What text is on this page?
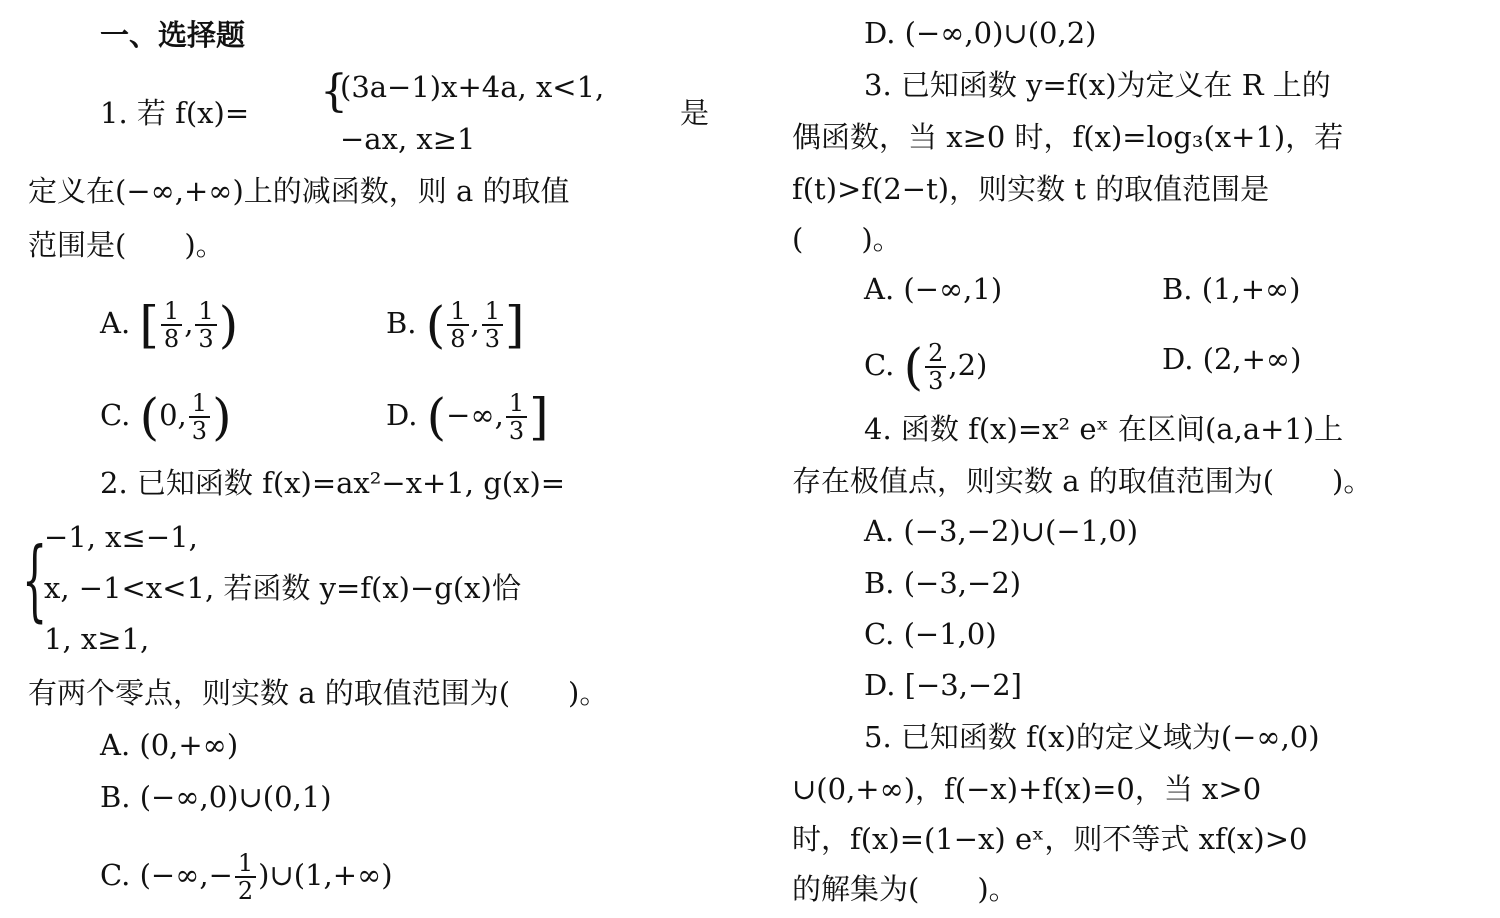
一、选择题
1. 若 f(x)= {
(3a−1)x+4a, x<1,
−ax, x≥1
是
定义在(−∞,+∞)上的减函数，则 a 的取值
范围是(　　)。
A. [ $\frac{1}{8}$ , $\frac{1}{3}$ )	B. ( $\frac{1}{8}$ , $\frac{1}{3}$ ]
C. (0, $\frac{1}{3}$ )	D. (−∞, $\frac{1}{3}$ ]
2. 已知函数 f(x)=ax²−x+1, g(x)=
{
−1, x≤−1,
x, −1<x<1, 若函数 y=f(x)−g(x)恰
1, x≥1,
有两个零点，则实数 a 的取值范围为(　　)。
A. (0,+∞)
B. (−∞,0)∪(0,1)
C. (−∞,− $\frac{1}{2}$ )∪(1,+∞)
D. (−∞,0)∪(0,2)
3. 已知函数 y=f(x)为定义在 R 上的
偶函数，当 x≥0 时，f(x)=log₃(x+1)，若
f(t)>f(2−t)，则实数 t 的取值范围是
(　　)。
A. (−∞,1)	B. (1,+∞)
C. ( $\frac{2}{3} ,2$)	D. (2,+∞)
4. 函数 f(x)=x² eˣ 在区间(a,a+1)上
存在极值点，则实数 a 的取值范围为(　　)。
A. (−3,−2)∪(−1,0)
B. (−3,−2)
C. (−1,0)
D. [−3,−2]
5. 已知函数 f(x)的定义域为(−∞,0)
∪(0,+∞)，f(−x)+f(x)=0，当 x>0
时，f(x)=(1−x) eˣ，则不等式 xf(x)>0
的解集为(　　)。
